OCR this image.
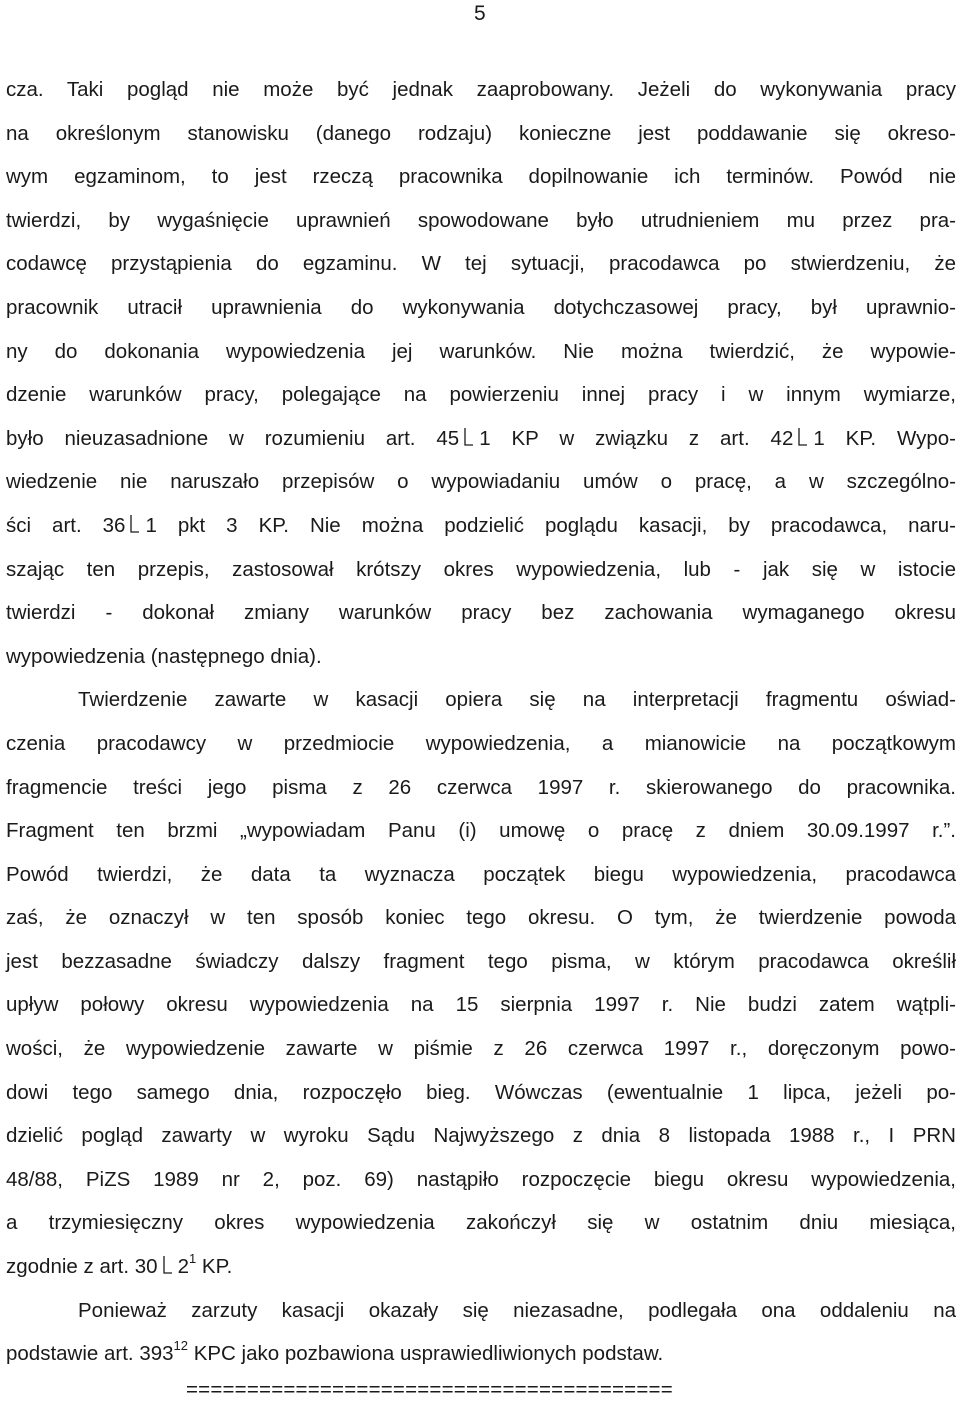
5
cza. Taki pogląd nie może być jednak zaaprobowany. Jeżeli do wykonywania pracy
na określonym stanowisku (danego rodzaju) konieczne jest poddawanie się okreso-
wym egzaminom, to jest rzeczą pracownika dopilnowanie ich terminów. Powód nie
twierdzi, by wygaśnięcie uprawnień spowodowane było utrudnieniem mu przez pra-
codawcę przystąpienia do egzaminu. W tej sytuacji, pracodawca po stwierdzeniu, że
pracownik utracił uprawnienia do wykonywania dotychczasowej pracy, był uprawnio-
ny do dokonania wypowiedzenia jej warunków. Nie można twierdzić, że wypowie-
dzenie warunków pracy, polegające na powierzeniu innej pracy i w innym wymiarze,
było nieuzasadnione w rozumieniu art. 45 1 KP w związku z art. 42 1 KP. Wypo-
wiedzenie nie naruszało przepisów o wypowiadaniu umów o pracę, a w szczególno-
ści art. 36 1 pkt 3 KP. Nie można podzielić poglądu kasacji, by pracodawca, naru-
szając ten przepis, zastosował krótszy okres wypowiedzenia, lub - jak się w istocie
twierdzi - dokonał zmiany warunków pracy bez zachowania wymaganego okresu
wypowiedzenia (następnego dnia).
Twierdzenie zawarte w kasacji opiera się na interpretacji fragmentu oświad-
czenia pracodawcy w przedmiocie wypowiedzenia, a mianowicie na początkowym
fragmencie treści jego pisma z 26 czerwca 1997 r. skierowanego do pracownika.
Fragment ten brzmi „wypowiadam Panu (i) umowę o pracę z dniem 30.09.1997 r.”.
Powód twierdzi, że data ta wyznacza początek biegu wypowiedzenia, pracodawca
zaś, że oznaczył w ten sposób koniec tego okresu. O tym, że twierdzenie powoda
jest bezzasadne świadczy dalszy fragment tego pisma, w którym pracodawca określił
upływ połowy okresu wypowiedzenia na 15 sierpnia 1997 r. Nie budzi zatem wątpli-
wości, że wypowiedzenie zawarte w piśmie z 26 czerwca 1997 r., doręczonym powo-
dowi tego samego dnia, rozpoczęło bieg. Wówczas (ewentualnie 1 lipca, jeżeli po-
dzielić pogląd zawarty w wyroku Sądu Najwyższego z dnia 8 listopada 1988 r., I PRN
48/88, PiZS 1989 nr 2, poz. 69) nastąpiło rozpoczęcie biegu okresu wypowiedzenia,
a trzymiesięczny okres wypowiedzenia zakończył się w ostatnim dniu miesiąca,
zgodnie z art. 30 $2^1$ KP.
Ponieważ zarzuty kasacji okazały się niezasadne, podlegała ona oddaleniu na
podstawie art. $393^{12}$ KPC jako pozbawiona usprawiedliwionych podstaw.
========================================
